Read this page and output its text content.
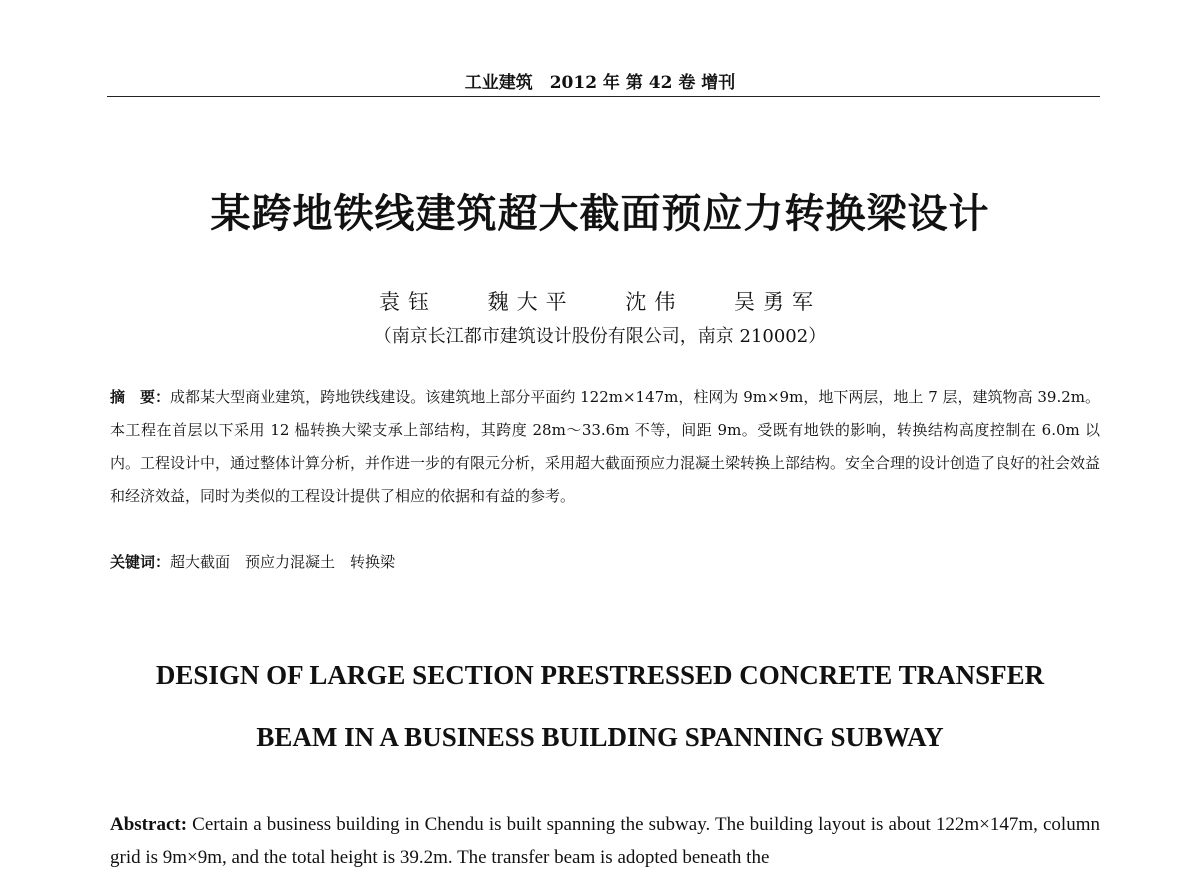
工业建筑　2012 年 第 42 卷 增刊
某跨地铁线建筑超大截面预应力转换梁设计
袁钰 魏大平 沈伟 吴勇军
（南京长江都市建筑设计股份有限公司，南京 210002）
摘　要：成都某大型商业建筑，跨地铁线建设。该建筑地上部分平面约 122m×147m，柱网为 9m×9m，地下两层，地上 7 层，建筑物高 39.2m。本工程在首层以下采用 12 榀转换大梁支承上部结构，其跨度 28m～33.6m 不等，间距 9m。受既有地铁的影响，转换结构高度控制在 6.0m 以内。工程设计中，通过整体计算分析，并作进一步的有限元分析，采用超大截面预应力混凝土梁转换上部结构。安全合理的设计创造了良好的社会效益和经济效益，同时为类似的工程设计提供了相应的依据和有益的参考。
关键词：超大截面　预应力混凝土　转换梁
DESIGN OF LARGE SECTION PRESTRESSED CONCRETE TRANSFER
BEAM IN A BUSINESS BUILDING SPANNING SUBWAY
Abstract: Certain a business building in Chendu is built spanning the subway. The building layout is about 122m×147m, column grid is 9m×9m, and the total height is 39.2m. The transfer beam is adopted beneath the
